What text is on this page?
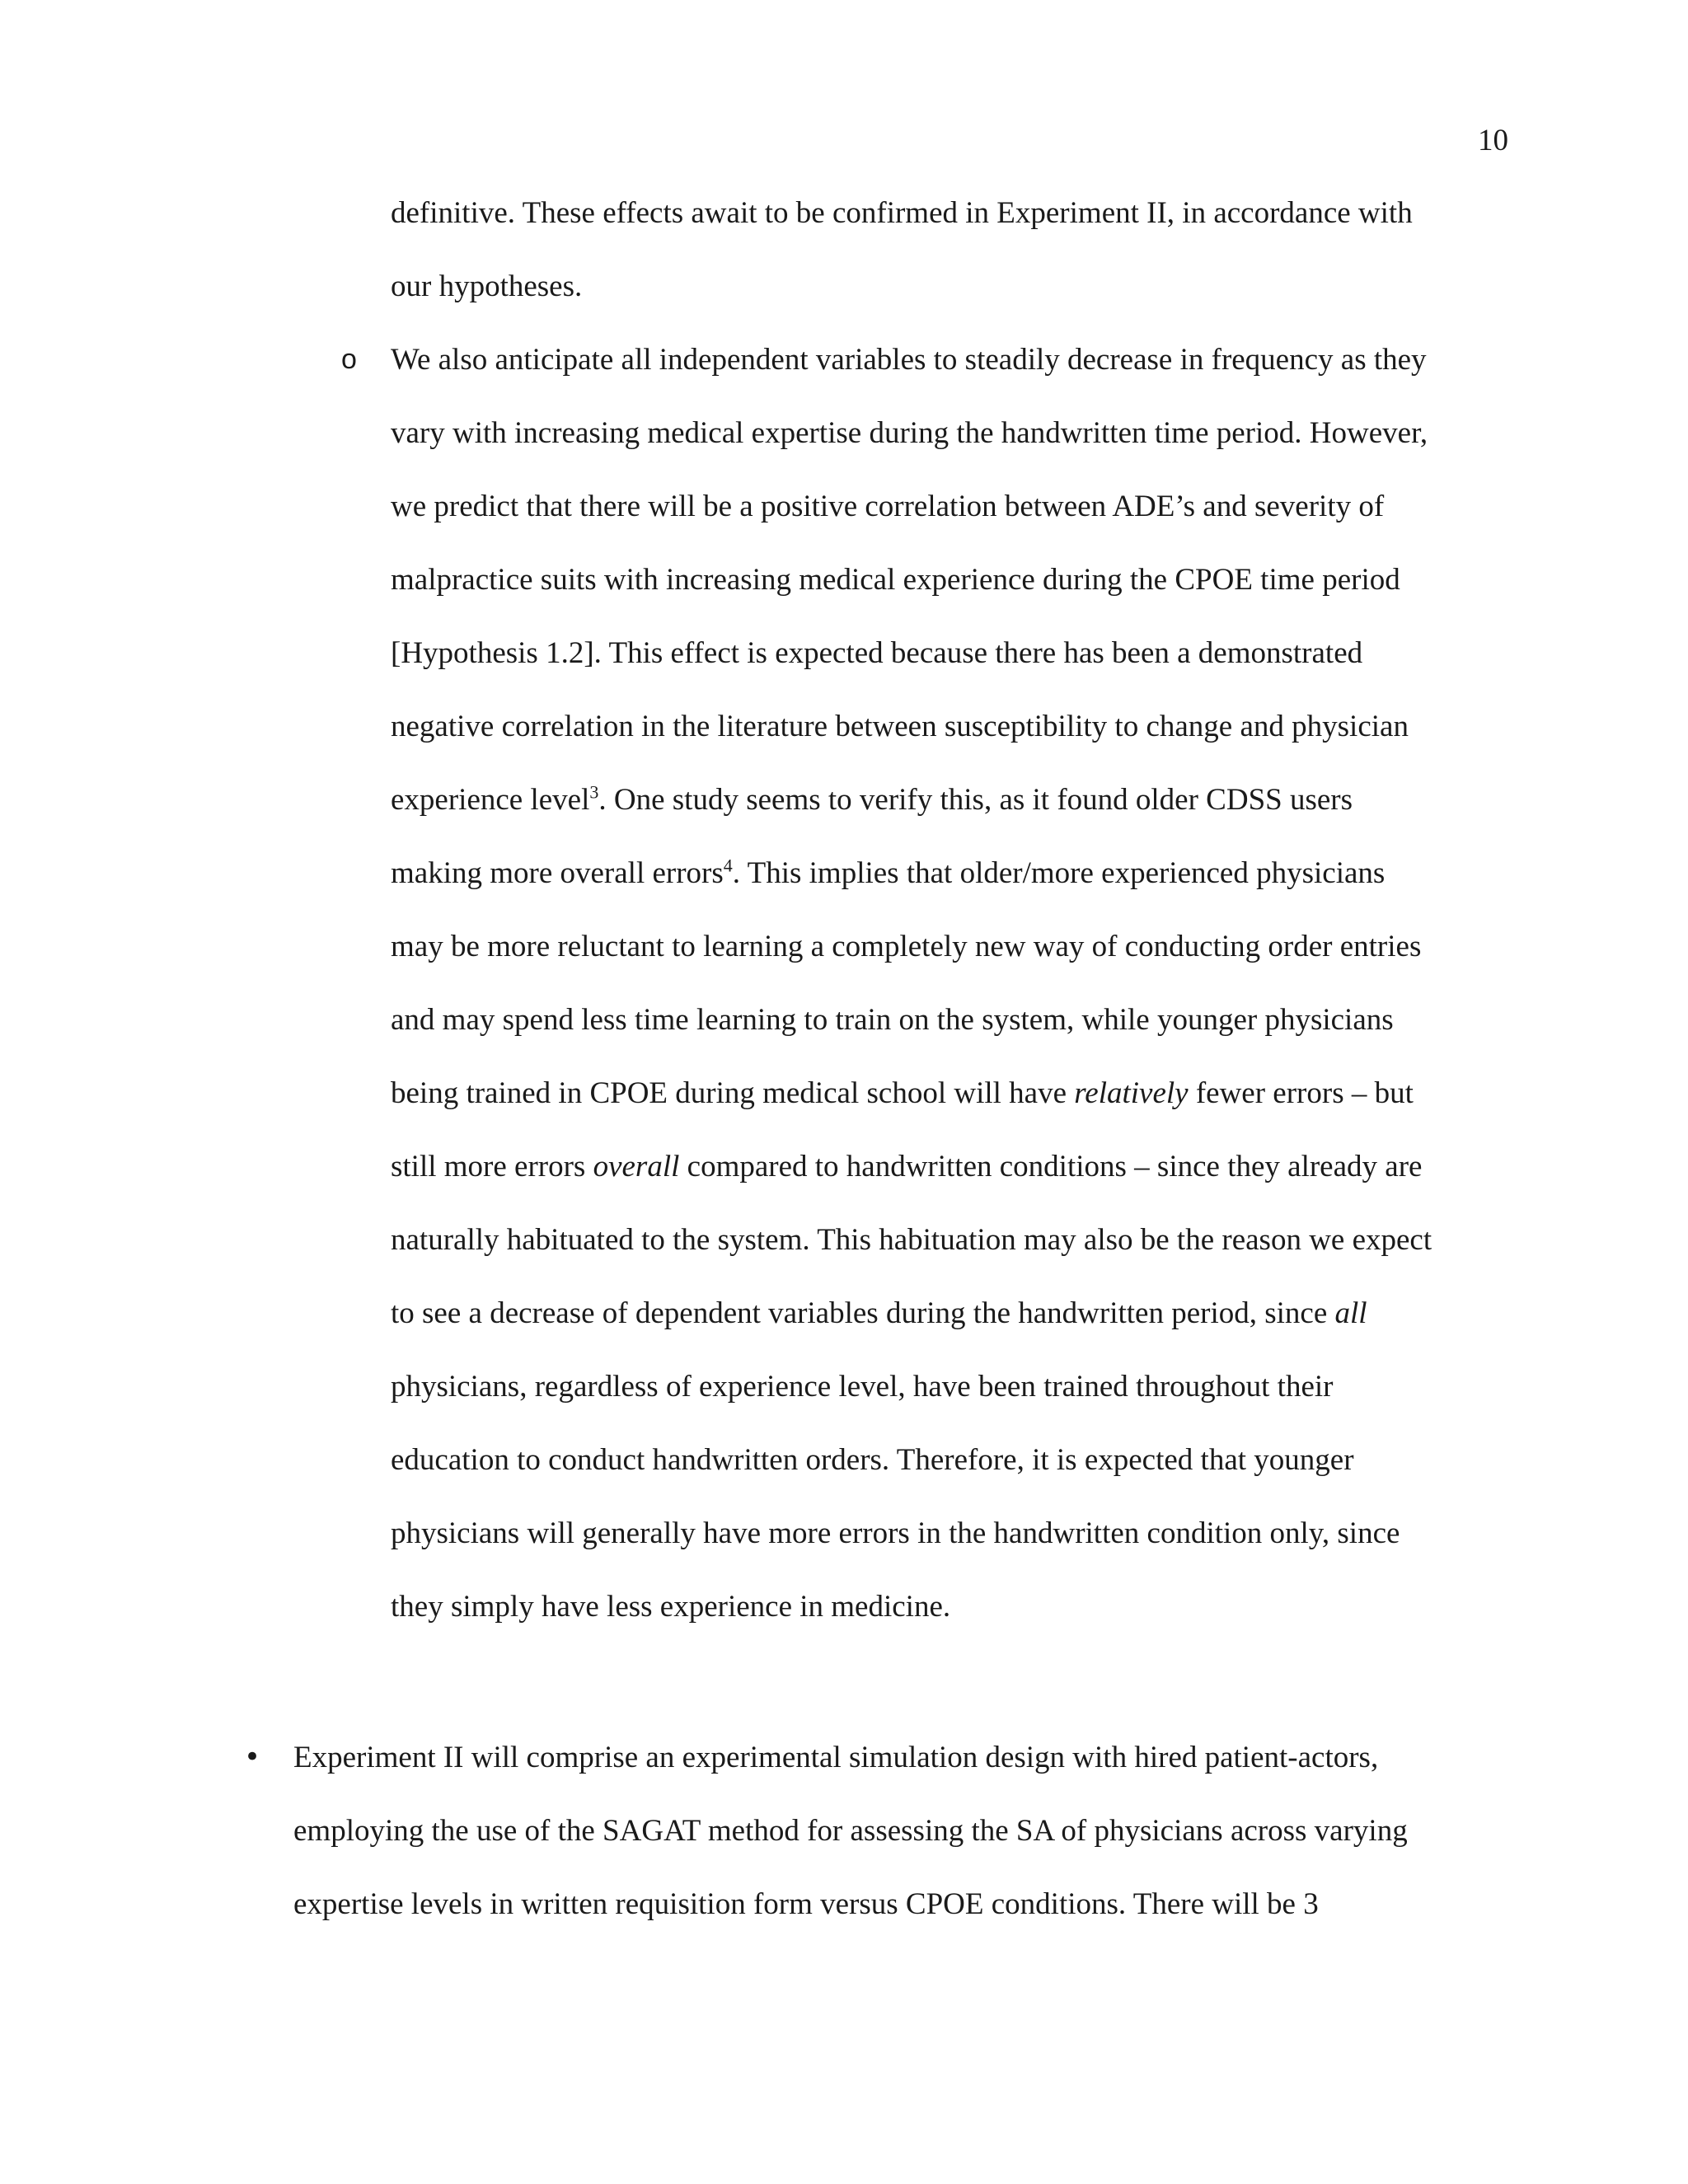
10
definitive. These effects await to be confirmed in Experiment II, in accordance with
our hypotheses.
o	We also anticipate all independent variables to steadily decrease in frequency as they
vary with increasing medical expertise during the handwritten time period. However,
we predict that there will be a positive correlation between ADE’s and severity of
malpractice suits with increasing medical experience during the CPOE time period
[Hypothesis 1.2]. This effect is expected because there has been a demonstrated
negative correlation in the literature between susceptibility to change and physician
experience level$^3$. One study seems to verify this, as it found older CDSS users
making more overall errors$^4$. This implies that older/more experienced physicians
may be more reluctant to learning a completely new way of conducting order entries
and may spend less time learning to train on the system, while younger physicians
being trained in CPOE during medical school will have relatively fewer errors – but
still more errors overall compared to handwritten conditions – since they already are
naturally habituated to the system. This habituation may also be the reason we expect
to see a decrease of dependent variables during the handwritten period, since all
physicians, regardless of experience level, have been trained throughout their
education to conduct handwritten orders. Therefore, it is expected that younger
physicians will generally have more errors in the handwritten condition only, since
they simply have less experience in medicine.
•	Experiment II will comprise an experimental simulation design with hired patient-actors,
employing the use of the SAGAT method for assessing the SA of physicians across varying
expertise levels in written requisition form versus CPOE conditions. There will be 3
